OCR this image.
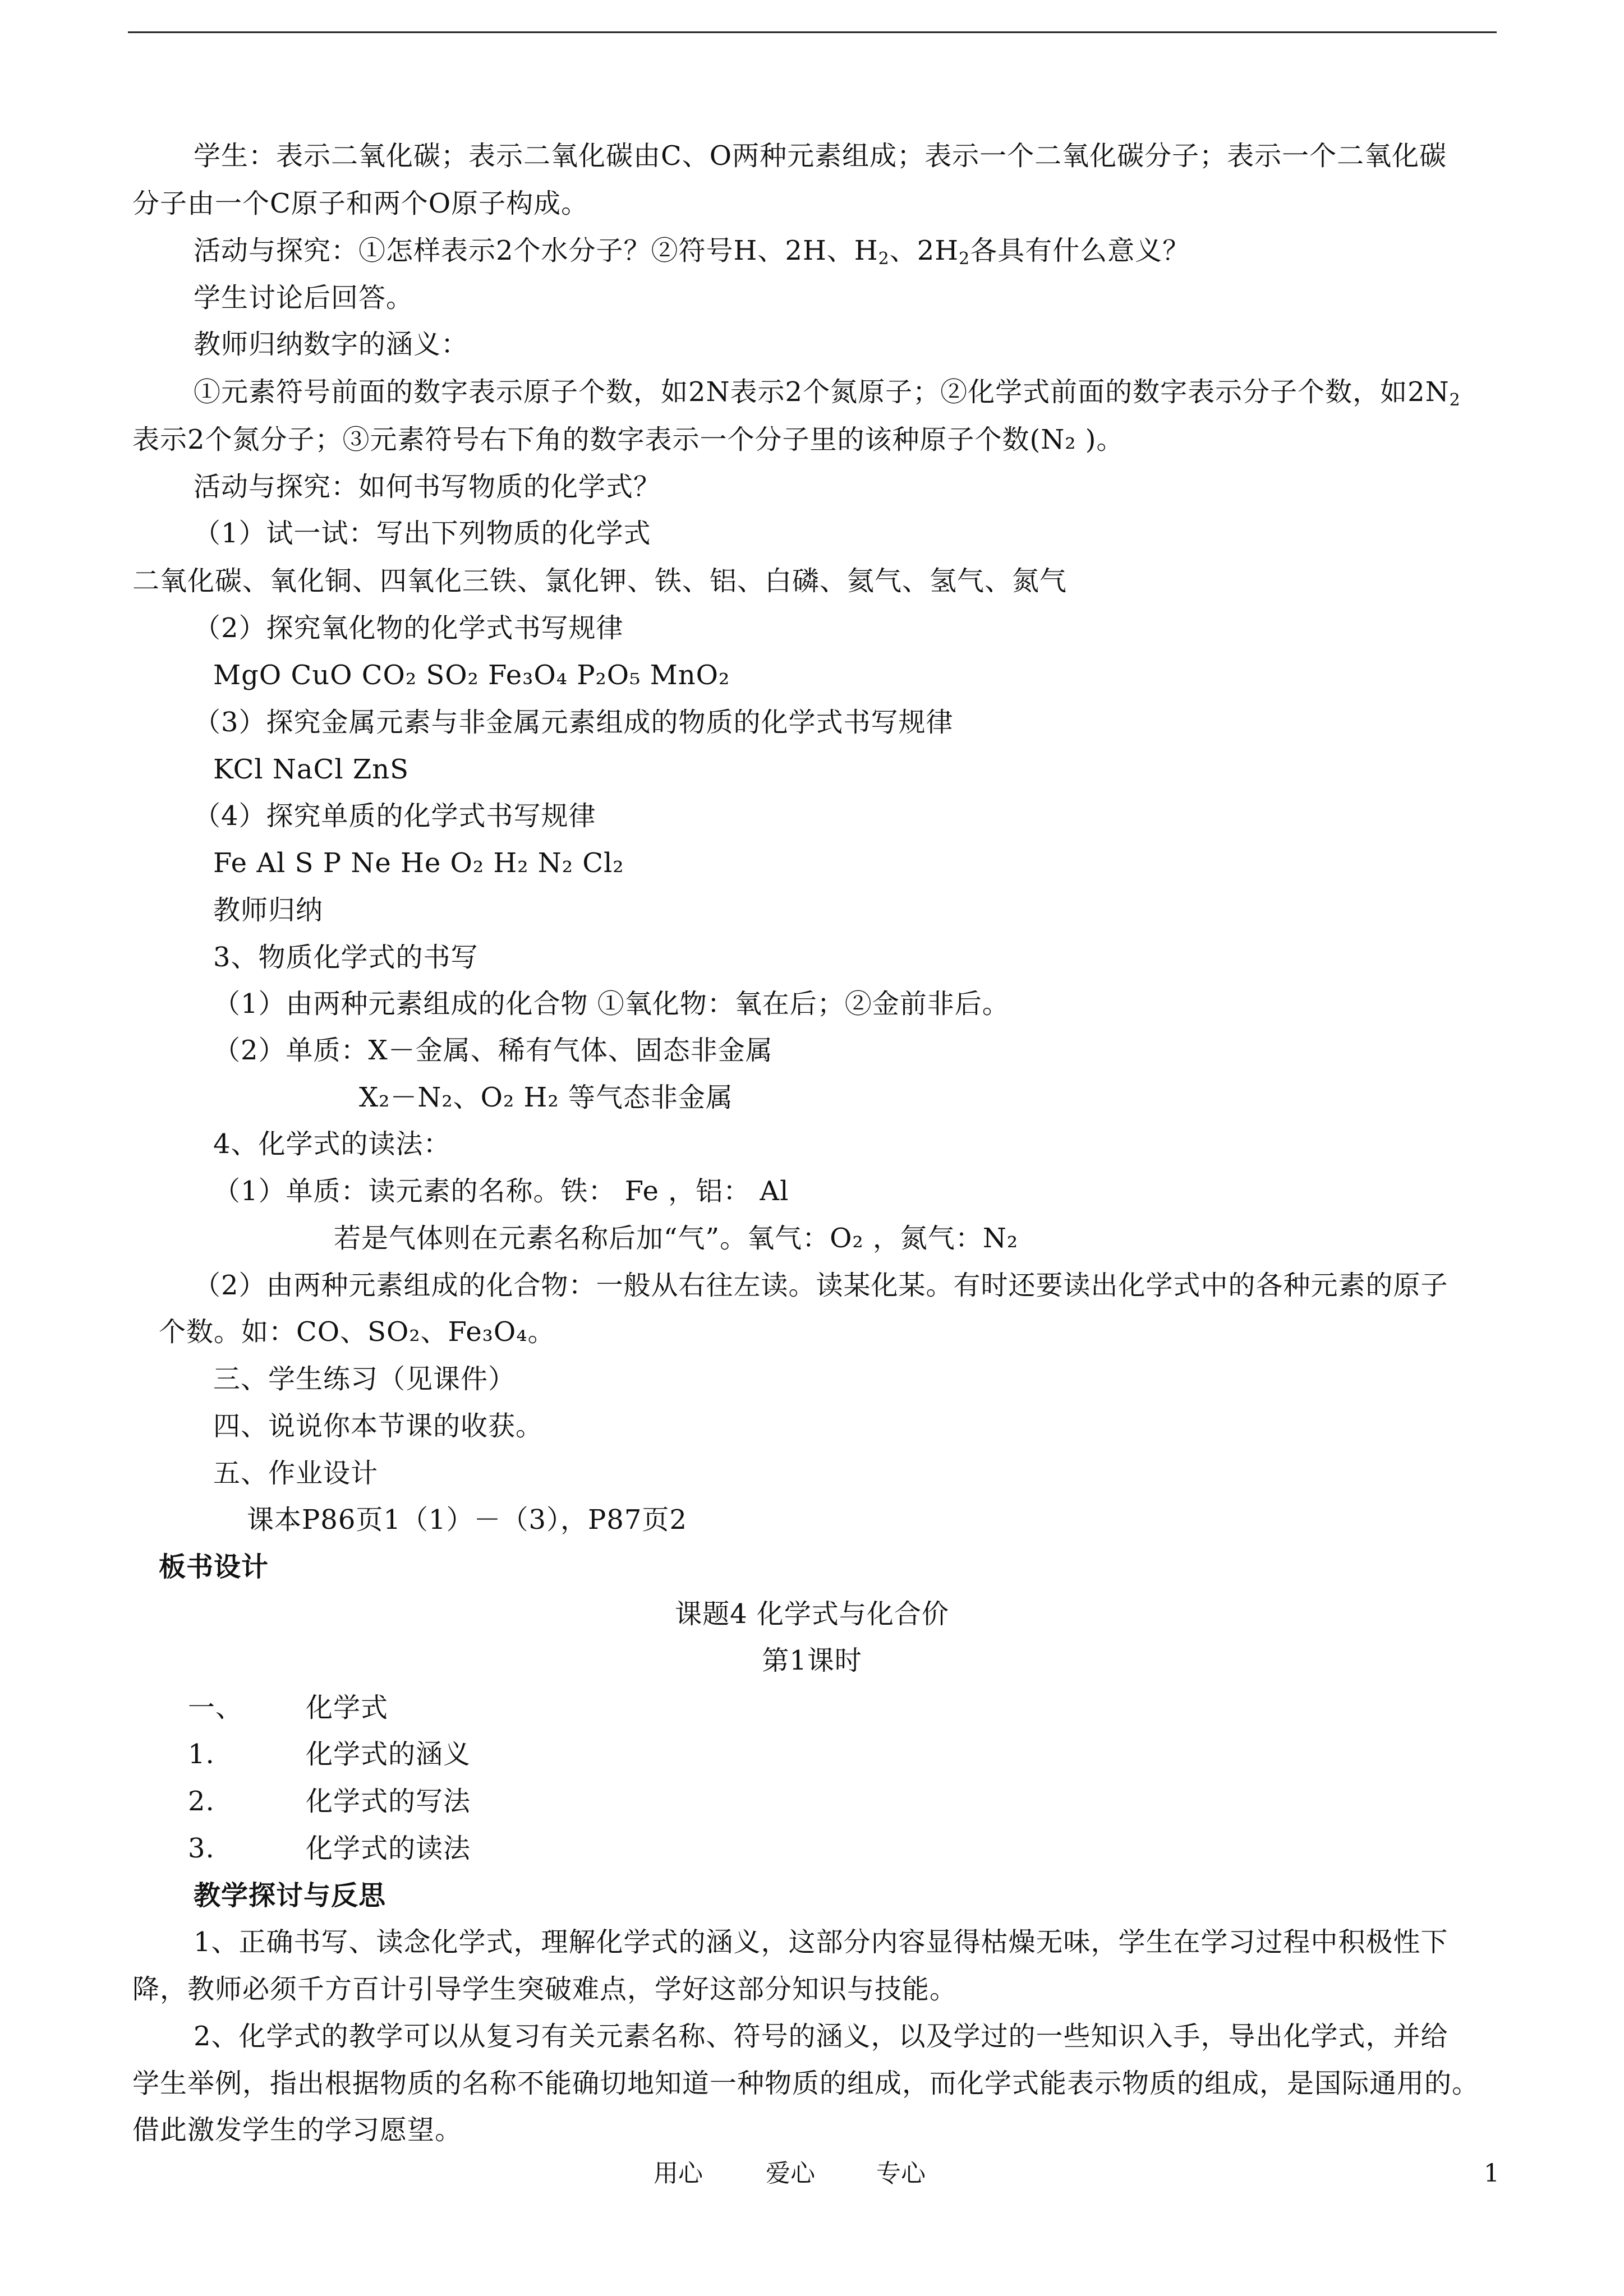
学生：表示二氧化碳；表示二氧化碳由C、O两种元素组成；表示一个二氧化碳分子；表示一个二氧化碳
分子由一个C原子和两个O原子构成。
活动与探究：①怎样表示2个水分子？②符号H、2H、$H_2$、$2H_2$各具有什么意义？
学生讨论后回答。
教师归纳数字的涵义：
①元素符号前面的数字表示原子个数，如2N表示2个氮原子；②化学式前面的数字表示分子个数，如$2N_2$
表示2个氮分子；③元素符号右下角的数字表示一个分子里的该种原子个数(N₂ )。
活动与探究：如何书写物质的化学式？
（1）试一试：写出下列物质的化学式
二氧化碳、氧化铜、四氧化三铁、氯化钾、铁、铝、白磷、氦气、氢气、氮气
（2）探究氧化物的化学式书写规律
MgO CuO CO₂ SO₂ Fe₃O₄ P₂O₅ MnO₂
（3）探究金属元素与非金属元素组成的物质的化学式书写规律
KCl NaCl ZnS
（4）探究单质的化学式书写规律
Fe Al S P Ne He O₂ H₂ N₂ Cl₂
教师归纳
3、物质化学式的书写
（1）由两种元素组成的化合物 ①氧化物：氧在后；②金前非后。
（2）单质：X－金属、稀有气体、固态非金属
X₂－N₂、O₂ H₂ 等气态非金属
4、化学式的读法：
（1）单质：读元素的名称。铁： Fe ，铝： Al
若是气体则在元素名称后加“气”。氧气：O₂ ，氮气：N₂
（2）由两种元素组成的化合物：一般从右往左读。读某化某。有时还要读出化学式中的各种元素的原子
个数。如：CO、SO₂、Fe₃O₄。
三、学生练习（见课件）
四、说说你本节课的收获。
五、作业设计
课本P86页1（1）－（3），P87页2
板书设计
课题4 化学式与化合价
第1课时
一、 化学式
1.	化学式的涵义
2.	化学式的写法
3.	化学式的读法
教学探讨与反思
1、正确书写、读念化学式，理解化学式的涵义，这部分内容显得枯燥无味，学生在学习过程中积极性下
降，教师必须千方百计引导学生突破难点，学好这部分知识与技能。
2、化学式的教学可以从复习有关元素名称、符号的涵义，以及学过的一些知识入手，导出化学式，并给
学生举例，指出根据物质的名称不能确切地知道一种物质的组成，而化学式能表示物质的组成，是国际通用的。
借此激发学生的学习愿望。
用心	爱心 专心	1
